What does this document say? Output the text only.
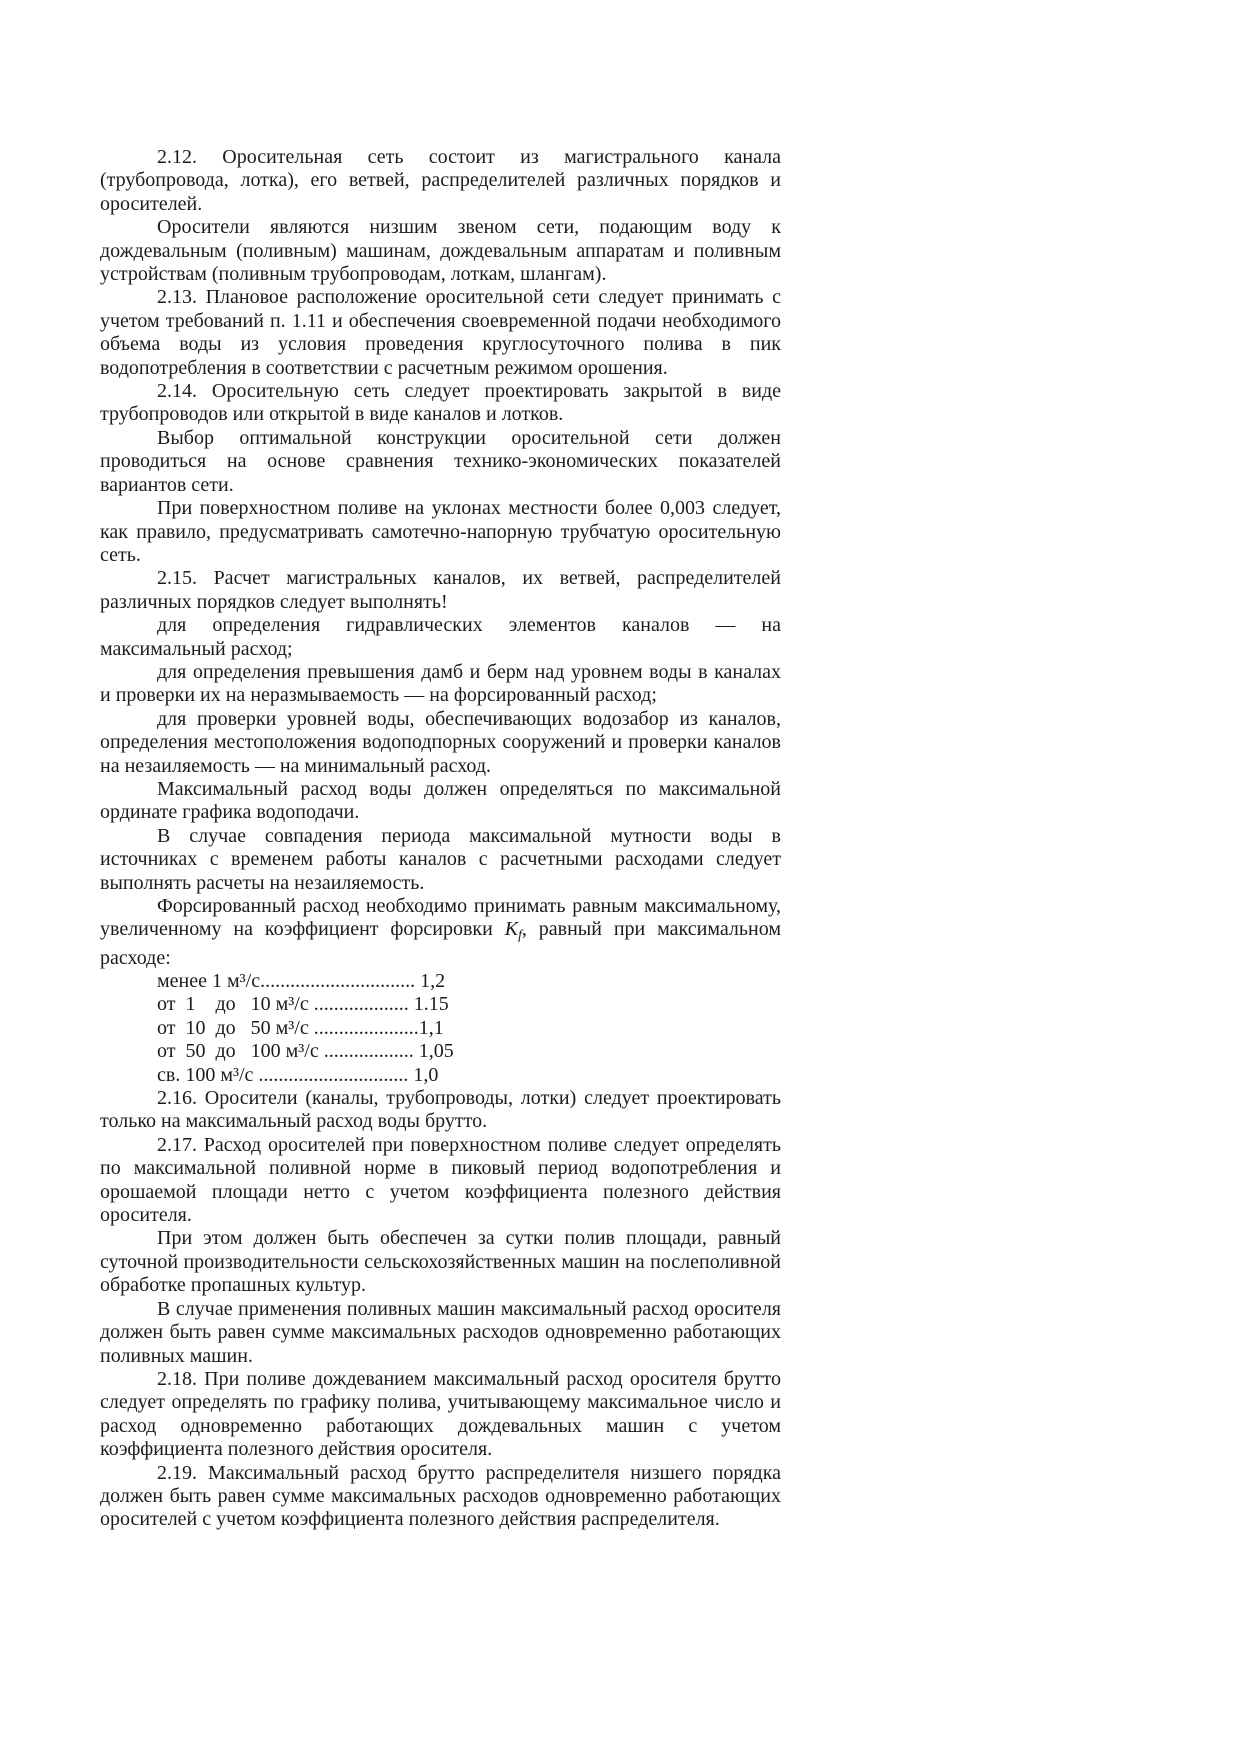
2.12. Оросительная сеть состоит из магистрального канала (трубопровода, лотка), его ветвей, распределителей различных порядков и оросителей.

Оросители являются низшим звеном сети, подающим воду к дождевальным (поливным) машинам, дождевальным аппаратам и поливным устройствам (поливным трубопроводам, лоткам, шлангам).

2.13. Плановое расположение оросительной сети следует принимать с учетом требований п. 1.11 и обеспечения своевременной подачи необходимого объема воды из условия проведения круглосуточного полива в пик водопотребления в соответствии с расчетным режимом орошения.

2.14. Оросительную сеть следует проектировать закрытой в виде трубопроводов или открытой в виде каналов и лотков.

Выбор оптимальной конструкции оросительной сети должен проводиться на основе сравнения технико-экономических показателей вариантов сети.

При поверхностном поливе на уклонах местности более 0,003 следует, как правило, предусматривать самотечно-напорную трубчатую оросительную сеть.

2.15. Расчет магистральных каналов, их ветвей, распределителей различных порядков следует выполнять!

для определения гидравлических элементов каналов — на максимальный расход;

для определения превышения дамб и берм над уровнем воды в каналах и проверки их на неразмываемость — на форсированный расход;

для проверки уровней воды, обеспечивающих водозабор из каналов, определения местоположения водоподпорных сооружений и проверки каналов на незаиляемость — на минимальный расход.

Максимальный расход воды должен определяться по максимальной ординате графика водоподачи.

В случае совпадения периода максимальной мутности воды в источниках с временем работы каналов с расчетными расходами следует выполнять расчеты на незаиляемость.

Форсированный расход необходимо принимать равным максимальному, увеличенному на коэффициент форсировки Kf, равный при максимальном расходе:

менее 1 м³/с............................... 1,2

от  1    до   10 м³/с ................... 1.15

от  10  до   50 м³/с .....................1,1

от  50  до   100 м³/с .................. 1,05

св. 100 м³/с .............................. 1,0

2.16. Оросители (каналы, трубопроводы, лотки) следует проектировать только на максимальный расход воды брутто.

2.17. Расход оросителей при поверхностном поливе следует определять по максимальной поливной норме в пиковый период водопотребления и орошаемой площади нетто с учетом коэффициента полезного действия оросителя.

При этом должен быть обеспечен за сутки полив площади, равный суточной производительности сельскохозяйственных машин на послеполивной обработке пропашных культур.

В случае применения поливных машин максимальный расход оросителя должен быть равен сумме максимальных расходов одновременно работающих поливных машин.

2.18. При поливе дождеванием максимальный расход оросителя брутто следует определять по графику полива, учитывающему максимальное число и расход одновременно работающих дождевальных машин с учетом коэффициента полезного действия оросителя.

2.19. Максимальный расход брутто распределителя низшего порядка должен быть равен сумме максимальных расходов одновременно работающих оросителей с учетом коэффициента полезного действия распределителя.
